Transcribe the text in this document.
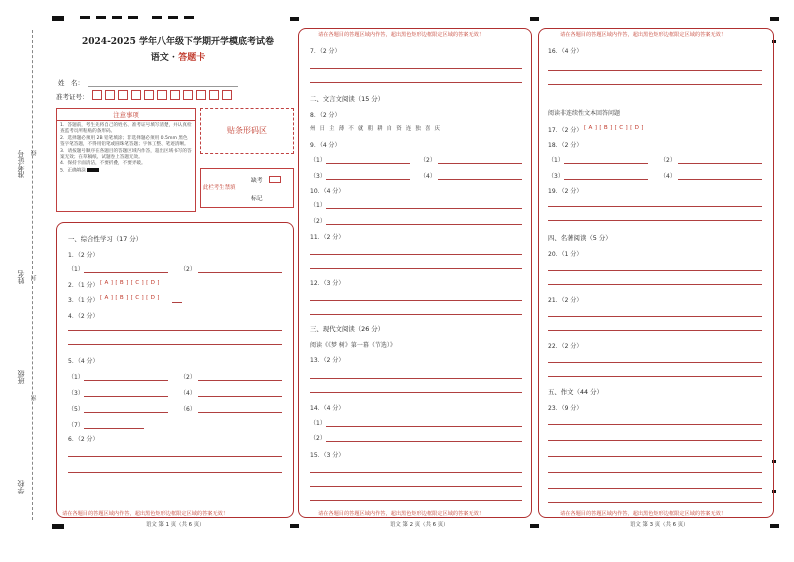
准考证号
姓名
班级
学校
线
封
密
2024-2025 学年八年级下学期开学模底考试卷
语文 · 答题卡
姓　名：
准考证号：
注意事项
1．答题前，考生先将自己的姓名、准考证号填写清楚，并认真检查监考员所粘贴的条形码。
2．选择题必须用 2B 铅笔填涂；非选择题必须用 0.5mm 黑色签字笔答题，不得用铅笔或圆珠笔答题；字体工整、笔迹清晰。
3．请按题号顺序在各题目的答题区域内作答，超出区域书写的答案无效；在草稿纸、试题卷上答题无效。
4．保持卡面清洁，不要折叠，不要弄破。
5．正确填涂
贴条形码区
此栏考生禁填
缺考
标记
请在各题目的答题区域内作答，超出黑色矩形边框限定区域的答案无效！
一、综合性学习（17 分）
1．（2 分）
（1）	（2）
2．（1 分） [ A ] [ B ] [ C ] [ D ]
3．（1 分） [ A ] [ B ] [ C ] [ D ]
4．（2 分）
5．（4 分）
（1）	（2）
（3）	（4）
（5）	（6）
（7）
6．（2 分）
语文 第 1 页（共 6 页）
请在各题目的答题区域内作答，超出黑色矩形边框限定区域的答案无效！
请在各题目的答题区域内作答，超出黑色矩形边框限定区域的答案无效！
7．（2 分）
二、文言文阅读（15 分）
8．（2 分）
州　日　主　薄　不　就　朝　耕　自　资　连　独　喜　庆
9．（4 分）
（1）	（2）
（3）	（4）
10．（4 分）
（1）
（2）
11．（2 分）
12．（3 分）
三、现代文阅读（26 分）
阅读《《梦 树》第一幕（节选）》
13．（2 分）
14．（4 分）
（1）
（2）
15．（3 分）
语文 第 2 页（共 6 页）
请在各题目的答题区域内作答，超出黑色矩形边框限定区域的答案无效！
请在各题目的答题区域内作答，超出黑色矩形边框限定区域的答案无效！
16．（4 分）
阅读非连续性文本回答问题
17．（2 分） [ A ] [ B ] [ C ] [ D ]
18．（2 分）
（1）	（2）
（3）	（4）
19．（2 分）
四、名著阅读（5 分）
20．（1 分）
21．（2 分）
22．（2 分）
五、作文（44 分）
23．（9 分）
语文 第 3 页（共 6 页）
